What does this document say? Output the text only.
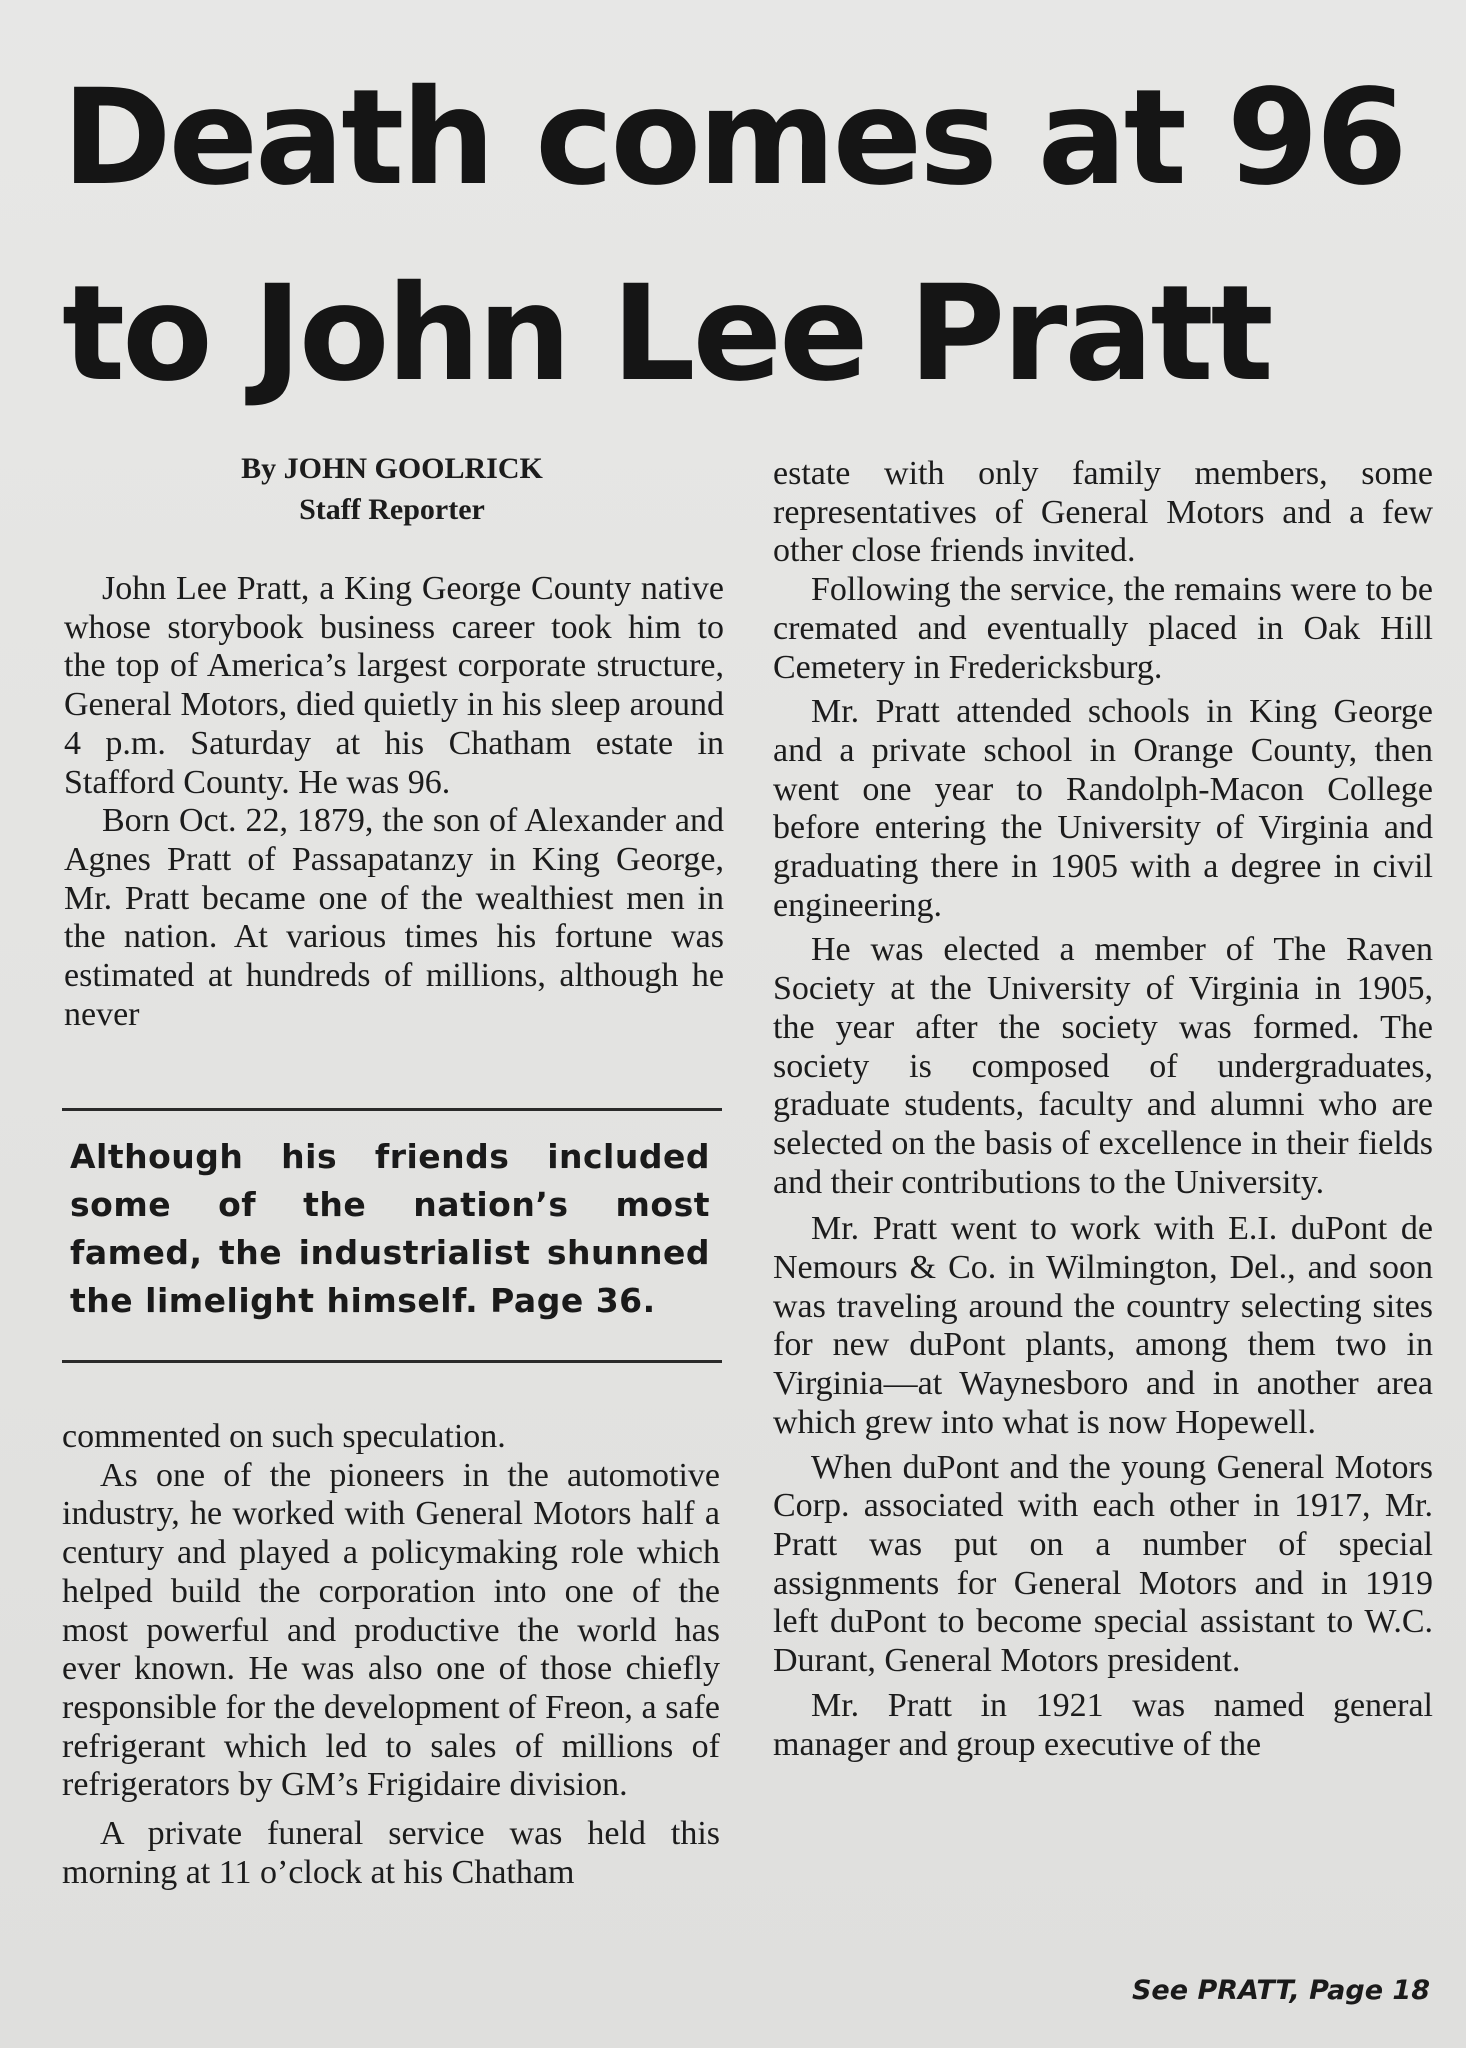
Death comes at 96
to John Lee Pratt
By JOHN GOOLRICK
Staff Reporter

John Lee Pratt, a King George County native whose storybook business career took him to the top of America’s largest corporate structure, General Motors, died quietly in his sleep around 4 p.m. Saturday at his Chatham estate in Stafford County. He was 96.

Born Oct. 22, 1879, the son of Alexander and Agnes Pratt of Passapatanzy in King George, Mr. Pratt became one of the wealthiest men in the nation. At various times his fortune was estimated at hundreds of millions, although he never

Although his friends included some of the nation’s most famed, the industrialist shunned the limelight himself. Page 36.

commented on such speculation.

As one of the pioneers in the automotive industry, he worked with General Motors half a century and played a policymaking role which helped build the corporation into one of the most powerful and productive the world has ever known. He was also one of those chiefly responsible for the development of Freon, a safe refrigerant which led to sales of millions of refrigerators by GM’s Frigidaire division.

A private funeral service was held this morning at 11 o’clock at his Chatham

estate with only family members, some representatives of General Motors and a few other close friends invited.

Following the service, the remains were to be cremated and eventually placed in Oak Hill Cemetery in Fredericksburg.

Mr. Pratt attended schools in King George and a private school in Orange County, then went one year to Randolph-Macon College before entering the University of Virginia and graduating there in 1905 with a degree in civil engineering.

He was elected a member of The Raven Society at the University of Virginia in 1905, the year after the society was formed. The society is composed of undergraduates, graduate students, faculty and alumni who are selected on the basis of excellence in their fields and their contributions to the University.

Mr. Pratt went to work with E.I. duPont de Nemours & Co. in Wilmington, Del., and soon was traveling around the country selecting sites for new duPont plants, among them two in Virginia—at Waynesboro and in another area which grew into what is now Hopewell.

When duPont and the young General Motors Corp. associated with each other in 1917, Mr. Pratt was put on a number of special assignments for General Motors and in 1919 left duPont to become special assistant to W.C. Durant, General Motors president.

Mr. Pratt in 1921 was named general manager and group executive of the

See PRATT, Page 18
